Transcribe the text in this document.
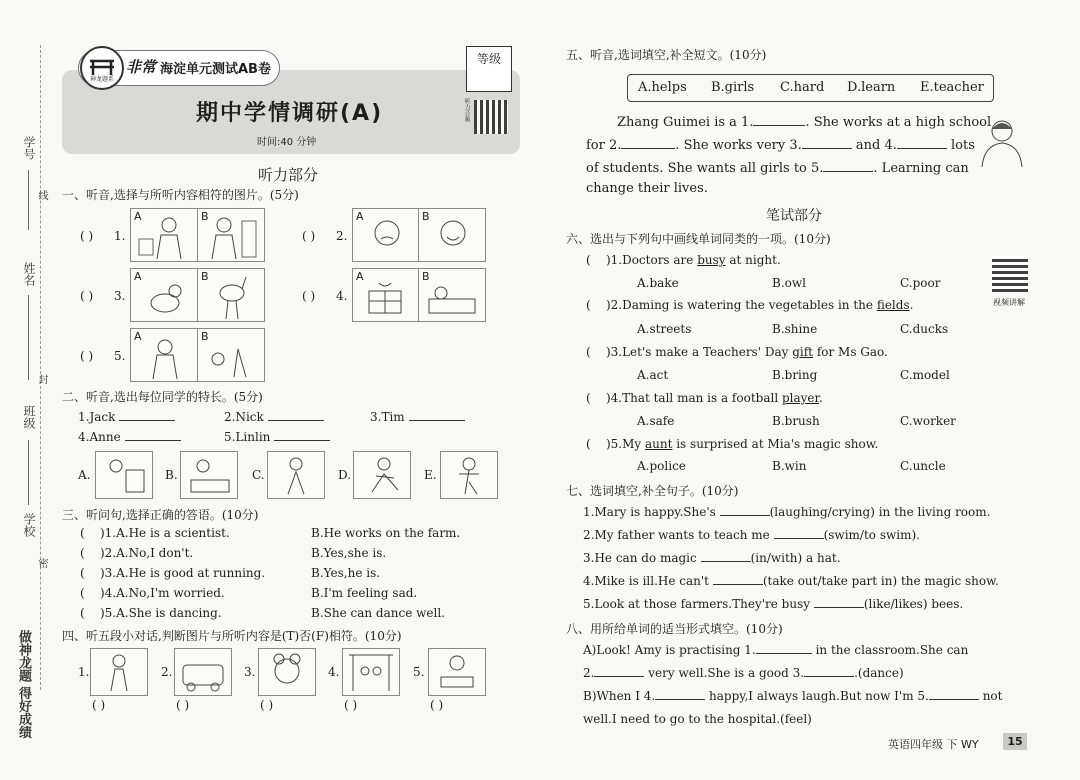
学号
姓名
班级
学校
线
封
密
做神龙题 得好成绩
神龙题系
非常 海淀单元测试AB卷
期中学情调研(A)
时间:40 分钟
等级
听力音频
听力部分
一、听音,选择与所听内容相符的图片。(5分)
( ) 1.
A	B
( ) 2.
A	B
( ) 3.
A	B
( ) 4.
A	B
( ) 5.
A	B
二、听音,选出每位同学的特长。(5分)
1.Jack	2.Nick	3.Tim
4.Anne	5.Linlin
A.	B.	C.	D.	E.
三、听问句,选择正确的答语。(10分)
(    )1.A.He is a scientist.	B.He works on the farm.
(    )2.A.No,I don't.	B.Yes,she is.
(    )3.A.He is good at running.	B.Yes,he is.
(    )4.A.No,I'm worried.	B.I'm feeling sad.
(    )5.A.She is dancing.	B.She can dance well.
四、听五段小对话,判断图片与所听内容是(T)否(F)相符。(10分)
1.
( )
2.
( )
3.
( )
4.
( )
5.
( )
五、听音,选词填空,补全短文。(10分)
A.helps B.girls C.hard D.learn E.teacher
Zhang Guimei is a 1.	. She works at a high school
for 2.	. She works very 3.	and 4.	lots
of students. She wants all girls to 5.	. Learning can
change their lives.
笔试部分
六、选出与下列句中画线单词同类的一项。(10分)
视频讲解
(    )1.Doctors are busy at night.
A.bake	B.owl	C.poor
(    )2.Daming is watering the vegetables in the fields.
A.streets	B.shine	C.ducks
(    )3.Let's make a Teachers' Day gift for Ms Gao.
A.act	B.bring	C.model
(    )4.That tall man is a football player.
A.safe	B.brush	C.worker
(    )5.My aunt is surprised at Mia's magic show.
A.police	B.win	C.uncle
七、选词填空,补全句子。(10分)
1.Mary is happy.She's	(laughing/crying) in the living room.
2.My father wants to teach me	(swim/to swim).
3.He can do magic	(in/with) a hat.
4.Mike is ill.He can't	(take out/take part in) the magic show.
5.Look at those farmers.They're busy	(like/likes) bees.
八、用所给单词的适当形式填空。(10分)
A)Look! Amy is practising 1.	in the classroom.She can
2.	very well.She is a good 3.	.(dance)
B)When I 4.	happy,I always laugh.But now I'm 5.	not
well.I need to go to the hospital.(feel)
英语四年级 下 WY	15
